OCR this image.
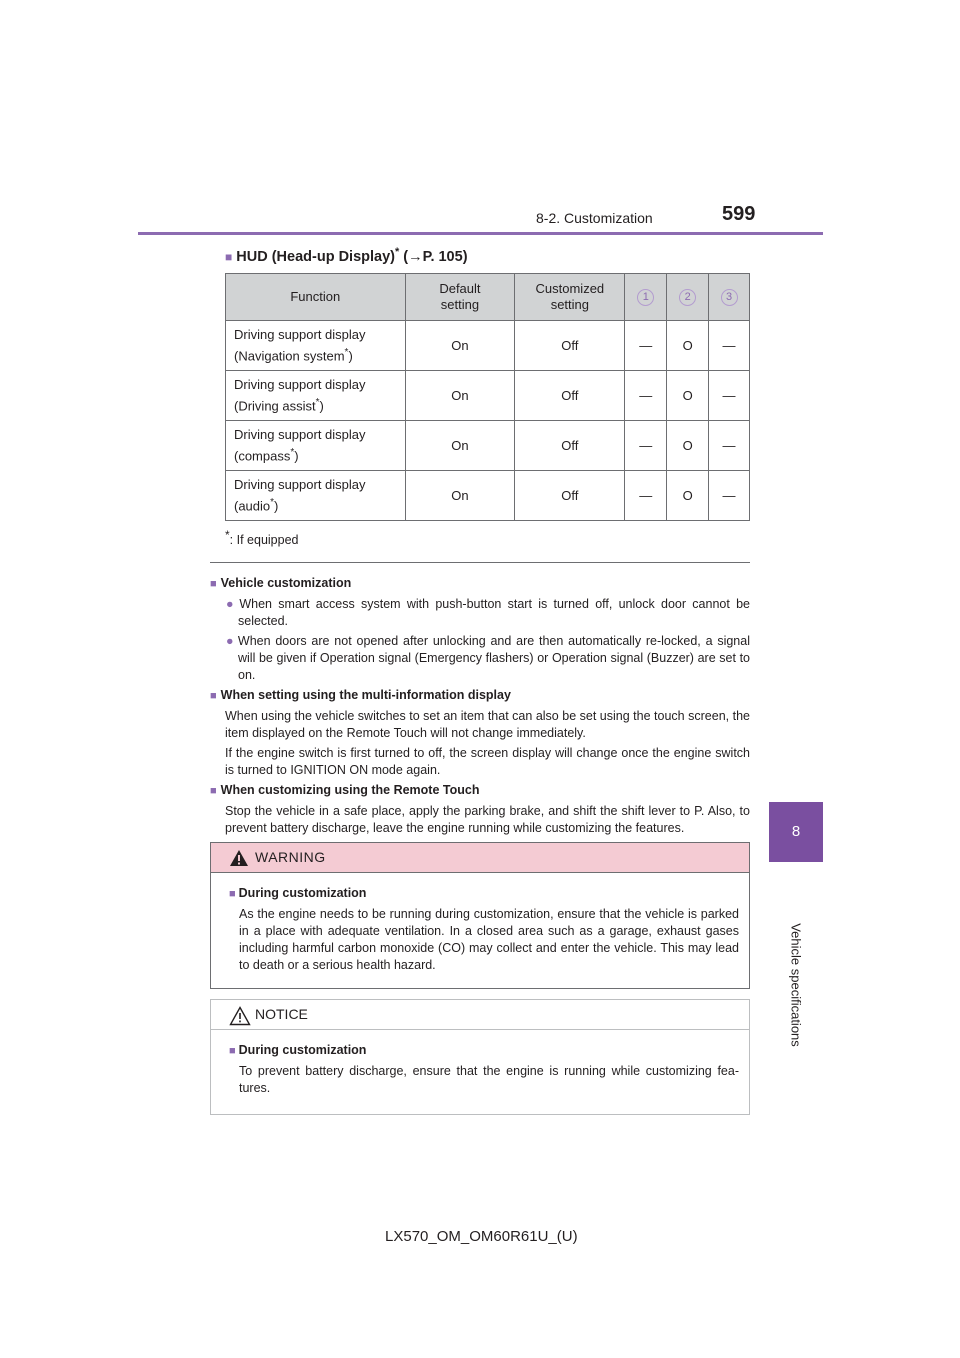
8-2. Customization	599
8
Vehicle specifications
■ HUD (Head-up Display)* (→P. 105)
Function	Default setting	Customized setting	1	2	3
Driving support display
(Navigation system*)	On	Off	—	O	—
Driving support display
(Driving assist*)	On	Off	—	O	—
Driving support display
(compass*)	On	Off	—	O	—
Driving support display
(audio*)	On	Off	—	O	—
*: If equipped
■ Vehicle customization
● When smart access system with push-button start is turned off, unlock door cannot be selected.
● When doors are not opened after unlocking and are then automatically re-locked, a signal will be given if Operation signal (Emergency flashers) or Operation signal (Buzzer) are set to on.
■ When setting using the multi-information display
When using the vehicle switches to set an item that can also be set using the touch screen, the item displayed on the Remote Touch will not change immediately.
If the engine switch is first turned to off, the screen display will change once the engine switch is turned to IGNITION ON mode again.
■ When customizing using the Remote Touch
Stop the vehicle in a safe place, apply the parking brake, and shift the shift lever to P. Also, to prevent battery discharge, leave the engine running while customizing the features.
WARNING
■ During customization
As the engine needs to be running during customization, ensure that the vehicle is parked in a place with adequate ventilation. In a closed area such as a garage, exhaust gases including harmful carbon monoxide (CO) may collect and enter the vehicle. This may lead to death or a serious health hazard.
NOTICE
■ During customization
To prevent battery discharge, ensure that the engine is running while customizing fea-tures.
LX570_OM_OM60R61U_(U)
